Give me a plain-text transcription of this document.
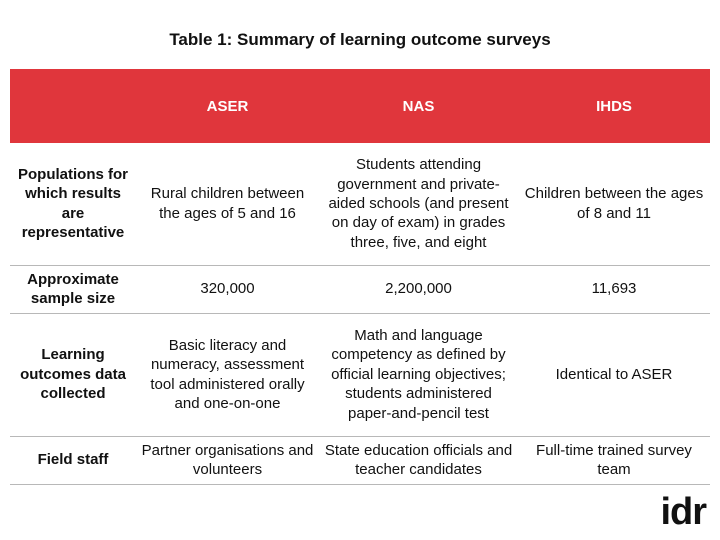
Table 1: Summary of learning outcome surveys
	ASER	NAS	IHDS
Populations for which results are representative	Rural children between the ages of 5 and 16	Students attending government and private-aided schools (and present on day of exam) in grades three, five, and eight	Children between the ages of 8 and 11
Approximate sample size	320,000	2,200,000	11,693
Learning outcomes data collected	Basic literacy and numeracy, assessment tool administered orally and one-on-one	Math and language competency as defined by official learning objectives; students administered paper-and-pencil test	Identical to ASER
Field staff	Partner organisations and volunteers	State education officials and teacher candidates	Full-time trained survey team
idr
